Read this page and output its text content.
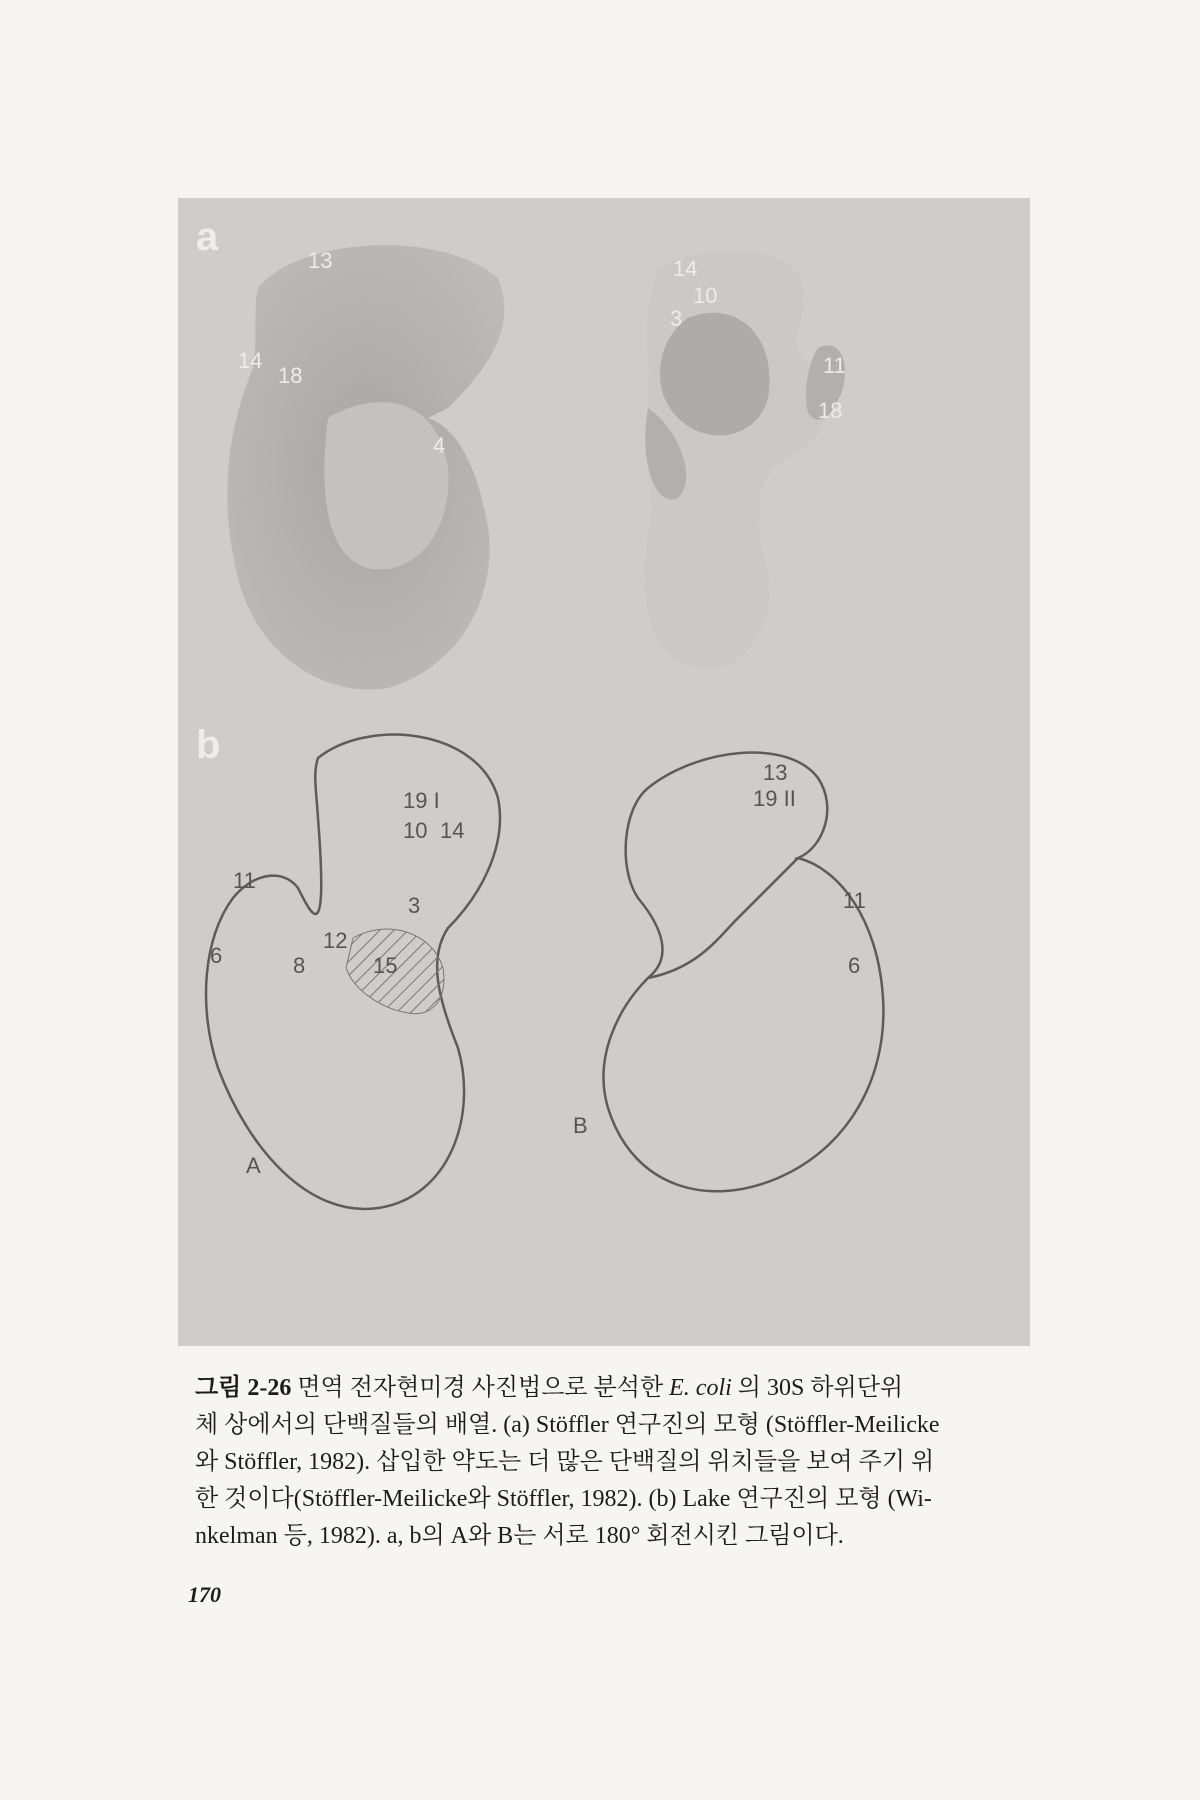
a
13
14
18
4
14
10
3
11
18
b
19 I
10 14
11
3
6	8
12
15
A
13
19 II
11
6
B
그림 2-26 면역 전자현미경 사진법으로 분석한 E. coli 의 30S 하위단위
체 상에서의 단백질들의 배열. (a) Stöffler 연구진의 모형 (Stöffler-Meilicke
와 Stöffler, 1982). 삽입한 약도는 더 많은 단백질의 위치들을 보여 주기 위
한 것이다(Stöffler-Meilicke와 Stöffler, 1982). (b) Lake 연구진의 모형 (Wi-
nkelman 등, 1982). a, b의 A와 B는 서로 180° 회전시킨 그림이다.
170
